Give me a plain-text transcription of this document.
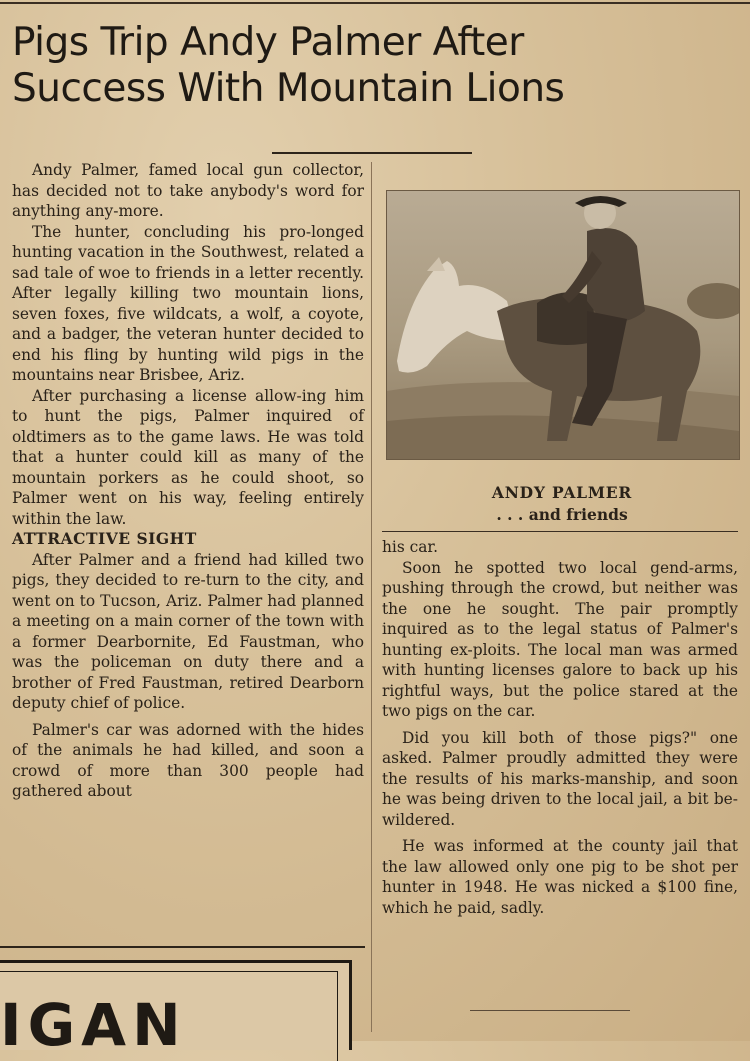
Pigs Trip Andy Palmer After
Success With Mountain Lions

Andy Palmer, famed local gun collector, has decided not to take anybody's word for anything any-more.

The hunter, concluding his pro-longed hunting vacation in the Southwest, related a sad tale of woe to friends in a letter recently. After legally killing two mountain lions, seven foxes, five wildcats, a wolf, a coyote, and a badger, the veteran hunter decided to end his fling by hunting wild pigs in the mountains near Brisbee, Ariz.

After purchasing a license allow-ing him to hunt the pigs, Palmer inquired of oldtimers as to the game laws. He was told that a hunter could kill as many of the mountain porkers as he could shoot, so Palmer went on his way, feeling entirely within the law.

ATTRACTIVE SIGHT

After Palmer and a friend had killed two pigs, they decided to re-turn to the city, and went on to Tucson, Ariz. Palmer had planned a meeting on a main corner of the town with a former Dearbornite, Ed Faustman, who was the policeman on duty there and a brother of Fred Faustman, retired Dearborn deputy chief of police.

Palmer's car was adorned with the hides of the animals he had killed, and soon a crowd of more than 300 people had gathered about

ANDY PALMER
. . . and friends

his car.

Soon he spotted two local gend-arms, pushing through the crowd, but neither was the one he sought. The pair promptly inquired as to the legal status of Palmer's hunting ex-ploits. The local man was armed with hunting licenses galore to back up his rightful ways, but the police stared at the two pigs on the car.

Did you kill both of those pigs?" one asked. Palmer proudly admitted they were the results of his marks-manship, and soon he was being driven to the local jail, a bit be-wildered.

He was informed at the county jail that the law allowed only one pig to be shot per hunter in 1948. He was nicked a $100 fine, which he paid, sadly.

IGAN
